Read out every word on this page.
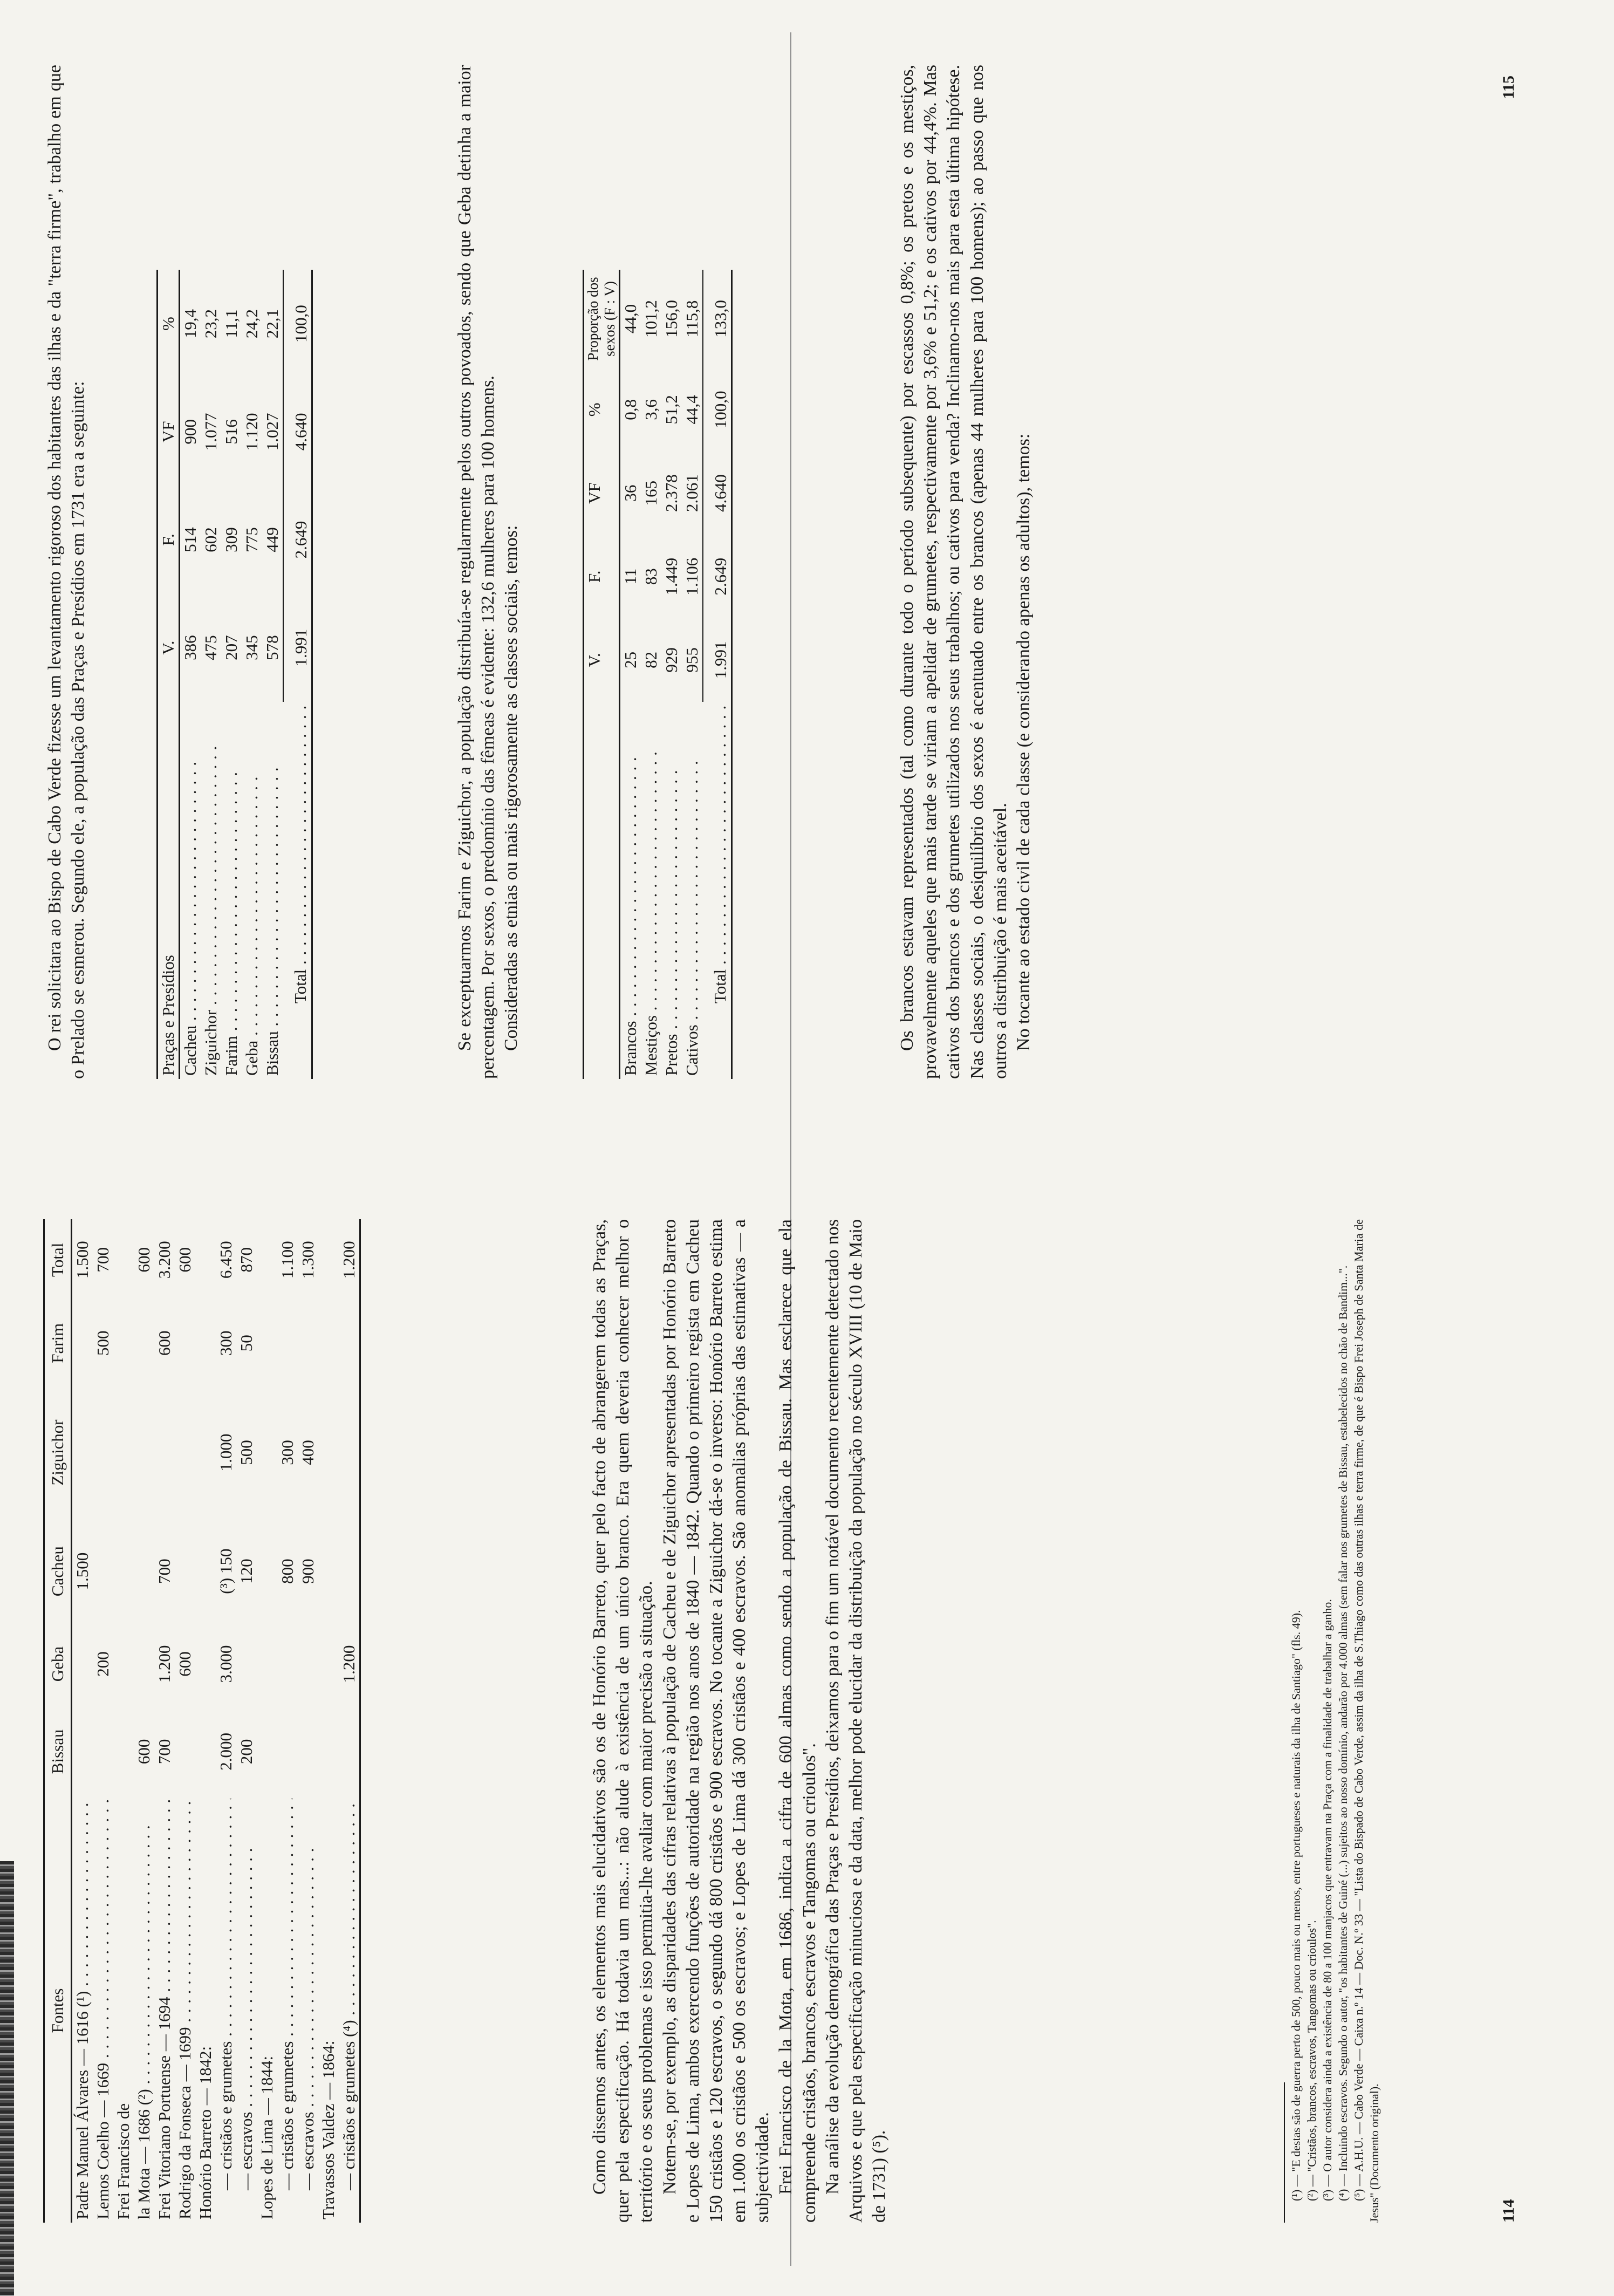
114
Fontes	Bissau	Geba	Cacheu	Ziguichor	Farim	Total
Padre Manuel Álvares — 1616 (¹) . . .			1.500			1.500
Lemos Coelho — 1669 . . .		200			500	700
Frei Francisco de						
la Mota — 1686 (²) . . .	600					600
Frei Vitoriano Portuense — 1694 . . .	700	1.200	700		600	3.200
Rodrigo da Fonseca — 1699 . . .		600				600
Honório Barreto — 1842:						
— cristãos e grumetes . . .	2.000	3.000	(³) 150	1.000	300	6.450
— escravos . . .	200		120	500	50	870
Lopes de Lima — 1844:						
— cristãos e grumetes . . .			800	300		1.100
— escravos . . .			900	400		1.300
Travassos Valdez — 1864:						
— cristãos e grumetes (⁴) . . .		1.200				1.200	Como dissemos antes, os elementos mais elucidativos são os de Honório Barreto, quer pelo facto de abrangerem todas as Praças, quer pela especificação. Há todavia um mas...: não alude à existência de um único branco. Era quem deveria conhecer melhor o território e os seus problemas e isso permitia-lhe avaliar com maior precisão a situação. Notem-se, por exemplo, as disparidades das cifras relativas à população de Cacheu e de Ziguichor apresentadas por Honório Barreto e Lopes de Lima, ambos exercendo funções de autoridade na região nos anos de 1840 — 1842. Quando o primeiro regista em Cacheu 150 cristãos e 120 escravos, o segundo dá 800 cristãos e 900 escravos. No tocante a Ziguichor dá-se o inverso: Honório Barreto estima em 1.000 os cristãos e 500 os escravos; e Lopes de Lima dá 300 cristãos e 400 escravos. São anomalias próprias das estimativas — a subjectividade. Frei Francisco de la Mota, em 1686, indica a cifra de 600 almas como sendo a população de Bissau. Mas esclarece que ela compreende cristãos, brancos, escravos e Tangomas ou crioulos". Na análise da evolução demográfica das Praças e Presídios, deixamos para o fim um notável documento recentemente detectado nos Arquivos e que pela especificação minuciosa e da data, melhor pode elucidar da distribuição da população no século XVIII (10 de Maio de 1731) (⁵).	(¹) — "E destas são de guerra perto de 500, pouco mais ou menos, entre portugueses e naturais da ilha de Santiago" (fls. 49). (²) — "Cristãos, brancos, escravos, Tangomas ou crioulos". (³) — O autor considera ainda a existência de 80 a 100 manjacos que entravam na Praça com a finalidade de trabalhar a ganho. (⁴) — Incluindo escravos. Segundo o autor, "os habitantes de Guiné (...) sujeitos ao nosso domínio, andarão por 4.000 almas (sem falar nos grumetes de Bissau, estabelecidos no chão de Bandim...". (⁵) — A.H.U. — Cabo Verde — Caixa n.º 14 — Doc. N.º 33 — "Lista do Bispado de Cabo Verde, assim da ilha de S.Thiago como das outras ilhas e terra firme, de que é Bispo Frei Joseph de Santa Maria de Jesus" (Documento original).

115

O rei solicitara ao Bispo de Cabo Verde fizesse um levantamento rigoroso dos habitantes das ilhas e da "terra firme", trabalho em que o Prelado se esmerou. Segundo ele, a população das Praças e Presídios em 1731 era a seguinte:	Praças e Presídios	V.	F.	VF	%
Cacheu . . .	386	514	900	19,4
Ziguichor . . .	475	602	1.077	23,2
Farim . . .	207	309	516	11,1
Geba . . .	345	775	1.120	24,2
Bissau . . .	578	449	1.027	22,1
Total . . .	1.991	2.649	4.640	100,0	Se exceptuarmos Farim e Ziguichor, a população distribuía-se regularmente pelos outros povoados, sendo que Geba detinha a maior percentagem. Por sexos, o predomínio das fêmeas é evidente: 132,6 mulheres para 100 homens. Consideradas as etnias ou mais rigorosamente as classes sociais, temos:

		V.	F.	VF	%	Proporção dos sexos (F : V)
Brancos . . .	25	11	36	0,8	44,0
Mestiços . . .	82	83	165	3,6	101,2
Pretos . . .	929	1.449	2.378	51,2	156,0
Cativos . . .	955	1.106	2.061	44,4	115,8
Total . . .	1.991	2.649	4.640	100,0	133,0	Os brancos estavam representados (tal como durante todo o período subsequente) por escassos 0,8%; os pretos e os mestiços, provavelmente aqueles que mais tarde se viriam a apelidar de grumetes, respectivamente por 3,6% e 51,2; e os cativos por 44,4%. Mas cativos dos brancos e dos grumetes utilizados nos seus trabalhos; ou cativos para venda? Inclinamo-nos mais para esta última hipótese. Nas classes sociais, o desiquilíbrio dos sexos é acentuado entre os brancos (apenas 44 mulheres para 100 homens); ao passo que nos outros a distribuição é mais aceitável. No tocante ao estado civil de cada classe (e considerando apenas os adultos), temos:
